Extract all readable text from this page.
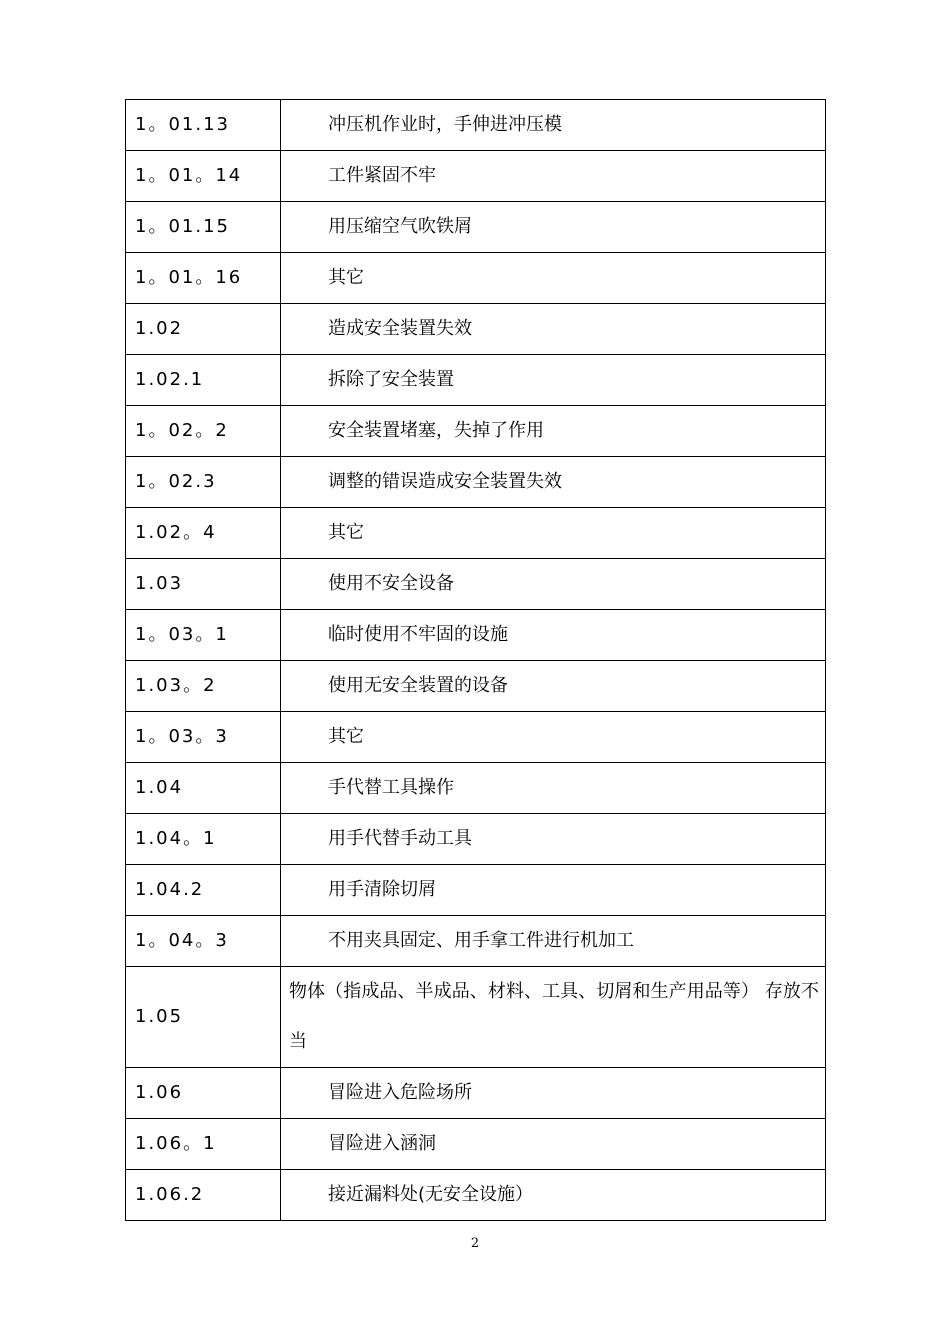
1。01.13	冲压机作业时，手伸进冲压模
1。01。14	工件紧固不牢
1。01.15	用压缩空气吹铁屑
1。01。16	其它
1.02	造成安全装置失效
1.02.1	拆除了安全装置
1。02。2	安全装置堵塞，失掉了作用
1。02.3	调整的错误造成安全装置失效
1.02。4	其它
1.03	使用不安全设备
1。03。1	临时使用不牢固的设施
1.03。2	使用无安全装置的设备
1。03。3	其它
1.04	手代替工具操作
1.04。1	用手代替手动工具
1.04.2	用手清除切屑
1。04。3	不用夹具固定、用手拿工件进行机加工
1.05	物体（指成品、半成品、材料、工具、切屑和生产用品等） 存放不当
1.06	冒险进入危险场所
1.06。1	冒险进入涵洞
1.06.2	接近漏料处(无安全设施）
2
